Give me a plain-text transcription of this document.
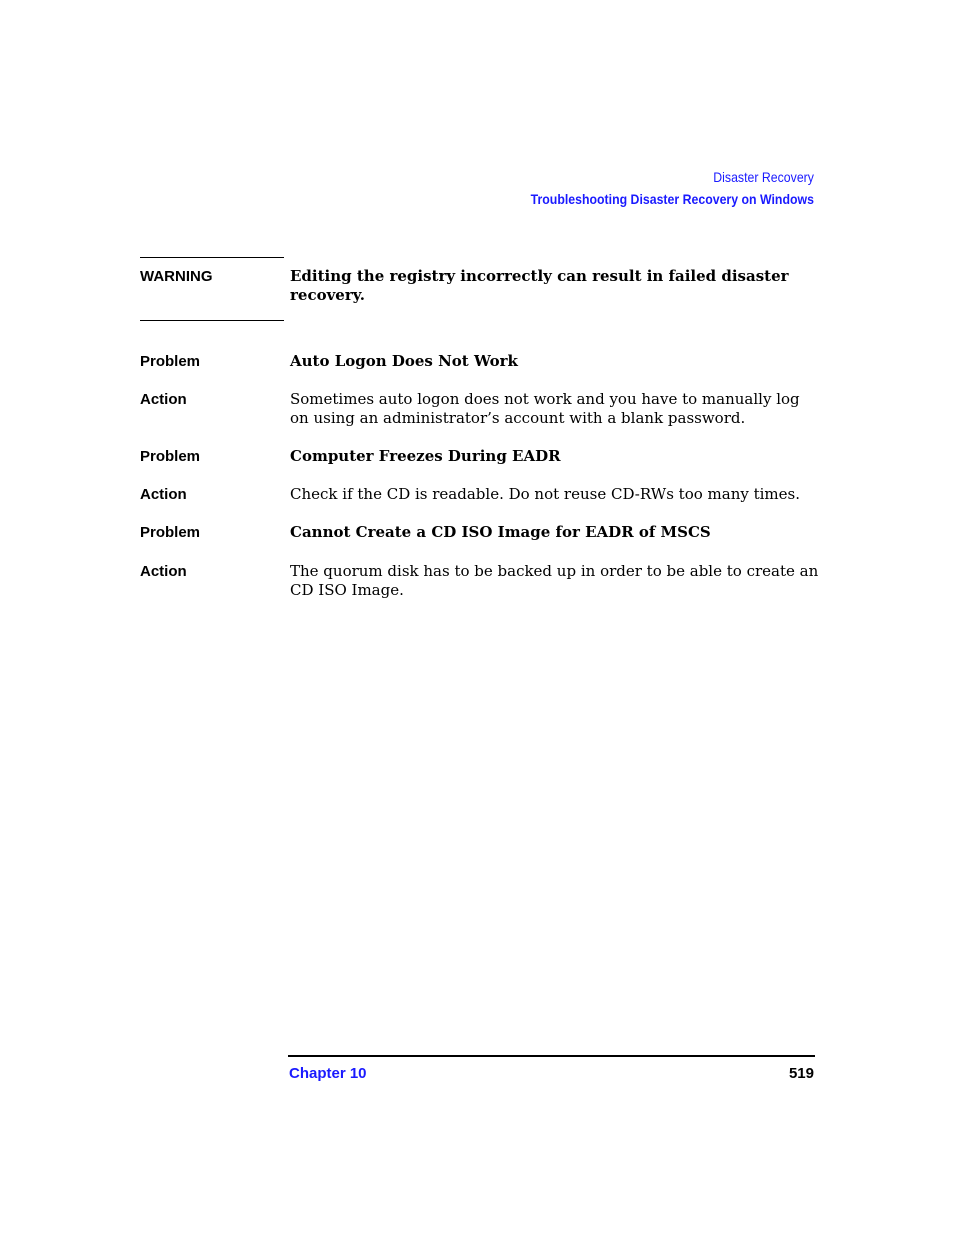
Disaster Recovery
Troubleshooting Disaster Recovery on Windows
WARNING	Editing the registry incorrectly can result in failed disaster recovery.
Problem	Auto Logon Does Not Work
Action	Sometimes auto logon does not work and you have to manually log on using an administrator’s account with a blank password.
Problem	Computer Freezes During EADR
Action	Check if the CD is readable. Do not reuse CD-RWs too many times.
Problem	Cannot Create a CD ISO Image for EADR of MSCS
Action	The quorum disk has to be backed up in order to be able to create an CD ISO Image.
Chapter 10	519
